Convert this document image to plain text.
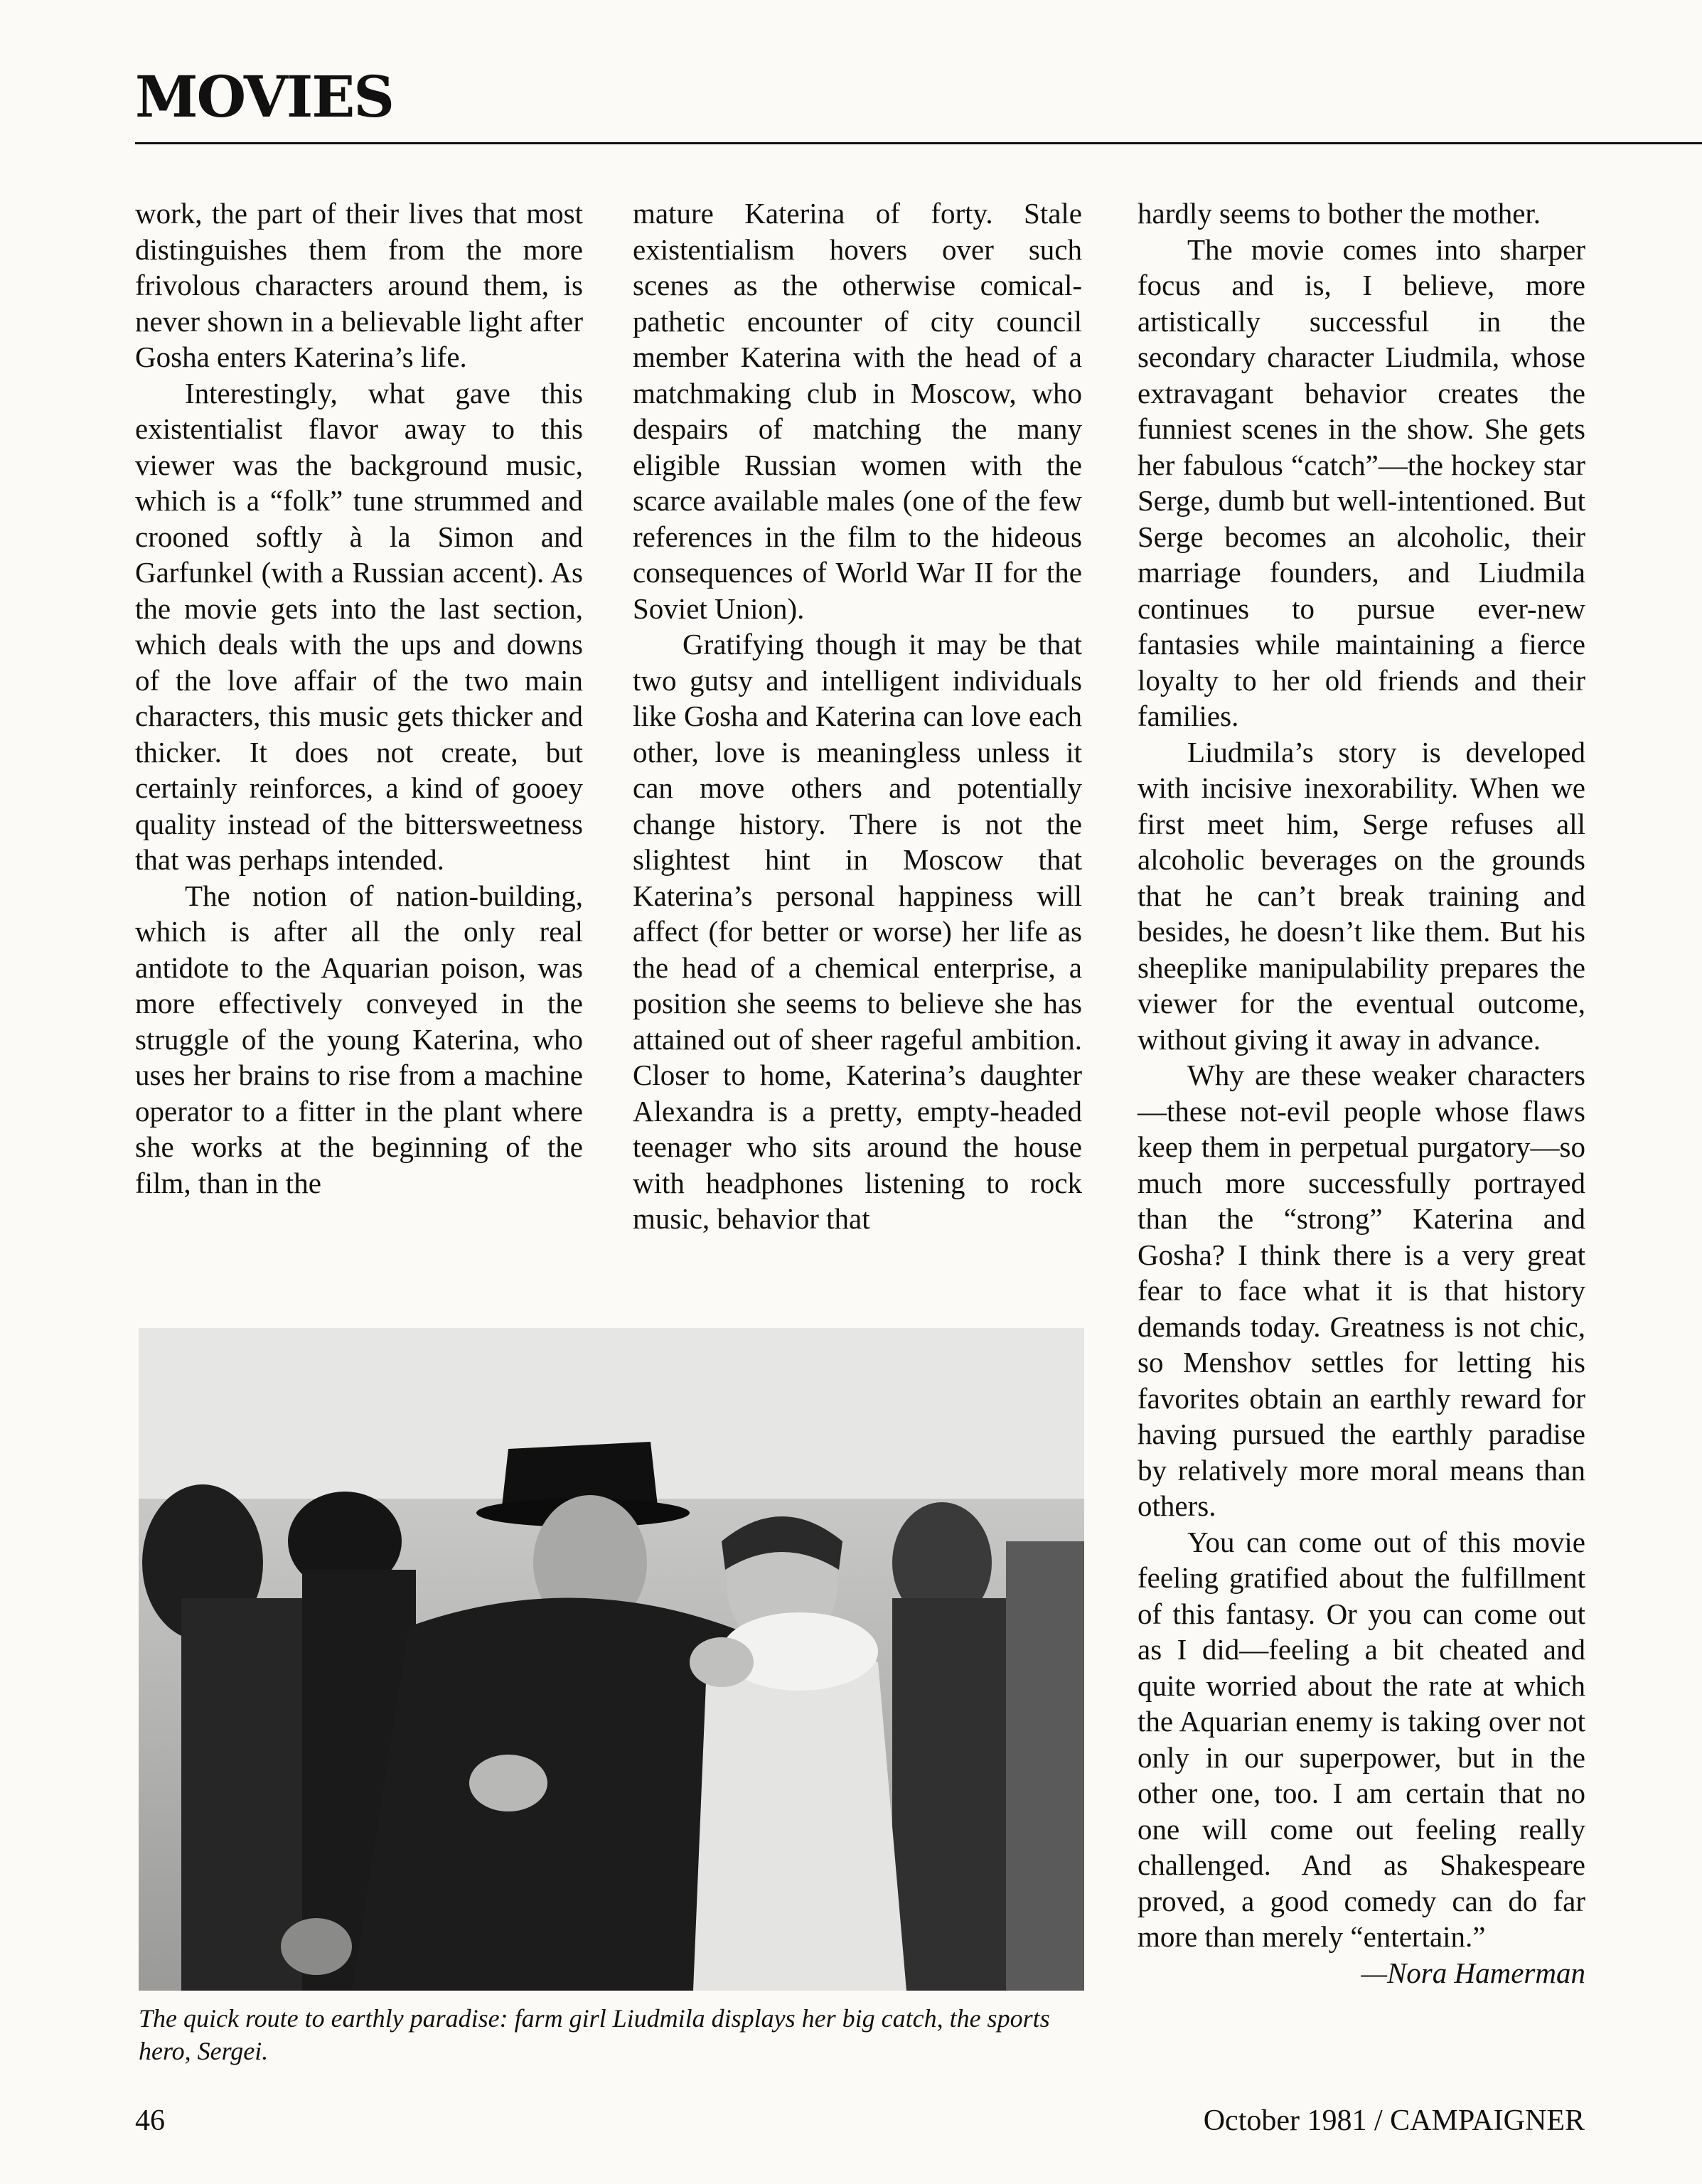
MOVIES

work, the part of their lives that most distinguishes them from the more frivolous characters around them, is never shown in a believable light after Gosha enters Katerina’s life.

Interestingly, what gave this existentialist flavor away to this viewer was the background music, which is a “folk” tune strummed and crooned softly à la Simon and Garfunkel (with a Russian accent). As the movie gets into the last section, which deals with the ups and downs of the love affair of the two main characters, this music gets thicker and thicker. It does not create, but certainly reinforces, a kind of gooey quality instead of the bittersweetness that was perhaps intended.

The notion of nation-building, which is after all the only real antidote to the Aquarian poison, was more effectively conveyed in the struggle of the young Katerina, who uses her brains to rise from a machine operator to a fitter in the plant where she works at the beginning of the film, than in the

mature Katerina of forty. Stale existentialism hovers over such scenes as the otherwise comical-pathetic encounter of city council member Katerina with the head of a matchmaking club in Moscow, who despairs of matching the many eligible Russian women with the scarce available males (one of the few references in the film to the hideous consequences of World War II for the Soviet Union).

Gratifying though it may be that two gutsy and intelligent individuals like Gosha and Katerina can love each other, love is meaningless unless it can move others and potentially change history. There is not the slightest hint in Moscow that Katerina’s personal happiness will affect (for better or worse) her life as the head of a chemical enterprise, a position she seems to believe she has attained out of sheer rageful ambition. Closer to home, Katerina’s daughter Alexandra is a pretty, empty-headed teenager who sits around the house with headphones listening to rock music, behavior that

hardly seems to bother the mother.

The movie comes into sharper focus and is, I believe, more artistically successful in the secondary character Liudmila, whose extravagant behavior creates the funniest scenes in the show. She gets her fabulous “catch”—the hockey star Serge, dumb but well-intentioned. But Serge becomes an alcoholic, their marriage founders, and Liudmila continues to pursue ever-new fantasies while maintaining a fierce loyalty to her old friends and their families.

Liudmila’s story is developed with incisive inexorability. When we first meet him, Serge refuses all alcoholic beverages on the grounds that he can’t break training and besides, he doesn’t like them. But his sheeplike manipulability prepares the viewer for the eventual outcome, without giving it away in advance.

Why are these weaker characters—these not-evil people whose flaws keep them in perpetual purgatory—so much more successfully portrayed than the “strong” Katerina and Gosha? I think there is a very great fear to face what it is that history demands today. Greatness is not chic, so Menshov settles for letting his favorites obtain an earthly reward for having pursued the earthly paradise by relatively more moral means than others.

You can come out of this movie feeling gratified about the fulfillment of this fantasy. Or you can come out as I did—feeling a bit cheated and quite worried about the rate at which the Aquarian enemy is taking over not only in our superpower, but in the other one, too. I am certain that no one will come out feeling really challenged. And as Shakespeare proved, a good comedy can do far more than merely “entertain.”

—Nora Hamerman

The quick route to earthly paradise: farm girl Liudmila displays her big catch, the sports hero, Sergei.

46	October 1981 / CAMPAIGNER
